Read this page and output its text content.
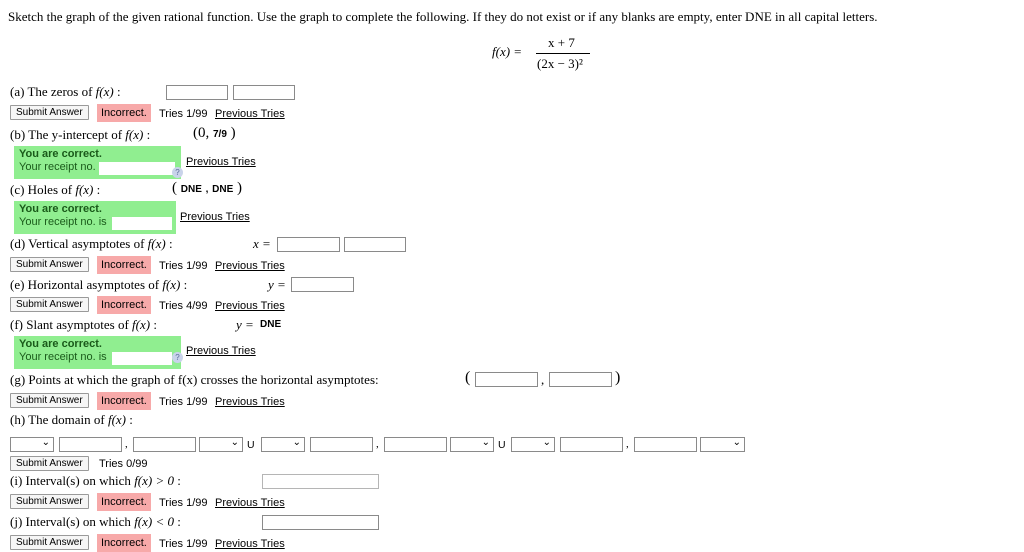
Sketch the graph of the given rational function. Use the graph to complete the following. If they do not exist or if any blanks are empty, enter DNE in all capital letters.
f(x) =
x + 7
(2x − 3)²
(a) The zeros of f(x) :
Submit Answer	Incorrect.	Tries 1/99 Previous Tries
(b) The y-intercept of f(x) :	(0, 7/9 )
You are correct.
Your receipt no.	?
Previous Tries
(c) Holes of f(x) :	( DNE , DNE )
You are correct.
Your receipt no. is	Previous Tries
(d) Vertical asymptotes of f(x) :	x =
Submit Answer	Incorrect.	Tries 1/99 Previous Tries
(e) Horizontal asymptotes of f(x) :	y =
Submit Answer	Incorrect.	Tries 4/99 Previous Tries
(f) Slant asymptotes of f(x) :	y = DNE
You are correct.
Your receipt no. is	?
Previous Tries
(g) Points at which the graph of f(x) crosses the horizontal asymptotes:	(	,	)
Submit Answer	Incorrect.	Tries 1/99 Previous Tries
(h) The domain of f(x) :
⌄	,	⌄ U	⌄	,	⌄ U	⌄	,	⌄
Submit Answer	Tries 0/99
(i) Interval(s) on which f(x) > 0 :
Submit Answer	Incorrect.	Tries 1/99 Previous Tries
(j) Interval(s) on which f(x) < 0 :
Submit Answer	Incorrect.	Tries 1/99 Previous Tries
